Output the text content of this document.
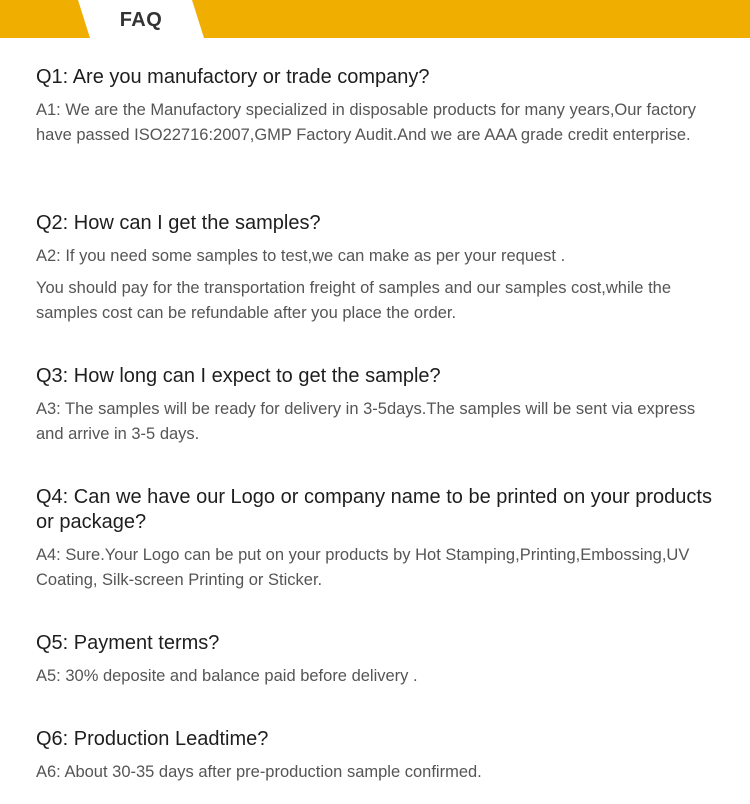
FAQ

Q1: Are you manufactory or trade company?

A1: We are the Manufactory specialized in disposable products for many years,Our factory have passed ISO22716:2007,GMP Factory Audit.And we are AAA grade credit enterprise.

Q2: How can I get the samples?

A2: If you need some samples to test,we can make as per your request .

You should pay for the transportation freight of samples and our samples cost,while the samples cost can be refundable after you place the order.

Q3: How long can I expect to get the sample?

A3: The samples will be ready for delivery in 3-5days.The samples will be sent via express and arrive in 3-5 days.

Q4: Can we have our Logo or company name to be printed on your products or package?

A4: Sure.Your Logo can be put on your products by Hot Stamping,Printing,Embossing,UV Coating, Silk-screen Printing or Sticker.

Q5: Payment terms?

A5: 30% deposite and balance paid before delivery .

Q6: Production Leadtime?

A6: About 30-35 days after pre-production sample confirmed.
